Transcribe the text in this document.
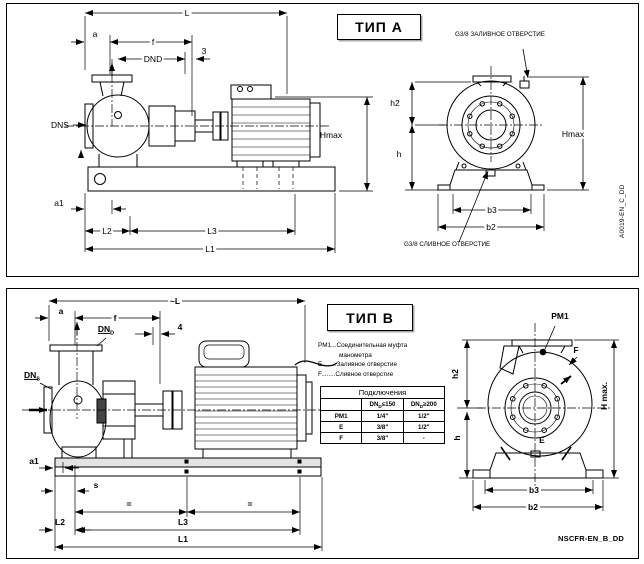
L
a
f
DND
3
DNS
Hmax
h2
h
Hmax
a1
L2	L3
L1
b3
b2
G3/8 ЗАЛИВНОЕ ОТВЕРСТИЕ
G3/8 СЛИВНОЕ ОТВЕРСТИЕ
ТИП A
A0019-EN_C_DD
~L
a
f
4
$DN_D$
$DN_S$
a1
s
=	=
L2	L3
L1
h2
h
H max.
b3
b2
PM1
F
E
PM1...Соединительная муфта
манометра
E........Заливное отверстие
F........Сливное отверстие
Подключения		
	$DN_D\le 150$	$DN_D\ge 200$
PM1	1/4"	1/2"
E	3/8"	1/2"
F	3/8"	-
ТИП B
NSCFR-EN_B_DD
